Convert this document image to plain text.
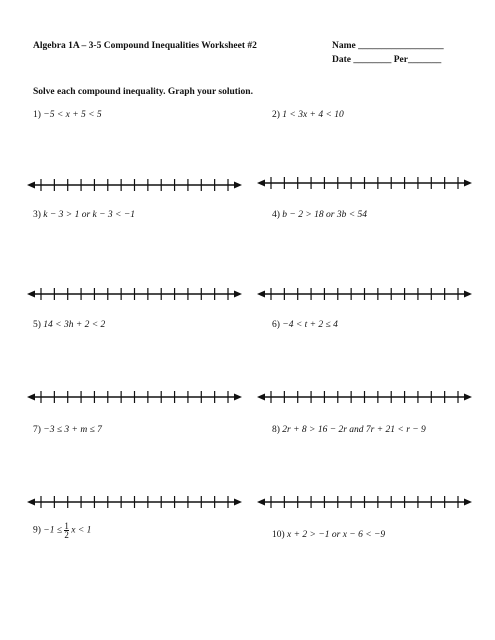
Algebra 1A – 3-5 Compound Inequalities Worksheet #2	Name __________________
Date ________ Per_______
Solve each compound inequality. Graph your solution.
1) −5 < x + 5 < 5	2) 1 < 3x + 4 < 10
3) k − 3 > 1 or k − 3 < −1	4) b − 2 > 18 or 3b < 54
5) 14 < 3h + 2 < 2	6) −4 < t + 2 ≤ 4
7) −3 ≤ 3 + m ≤ 7	8) 2r + 8 > 16 − 2r and 7r + 21 < r − 9
$9) -1 \le \frac{1}{2}$ x < 1	10) x + 2 > −1 or x − 6 < −9
